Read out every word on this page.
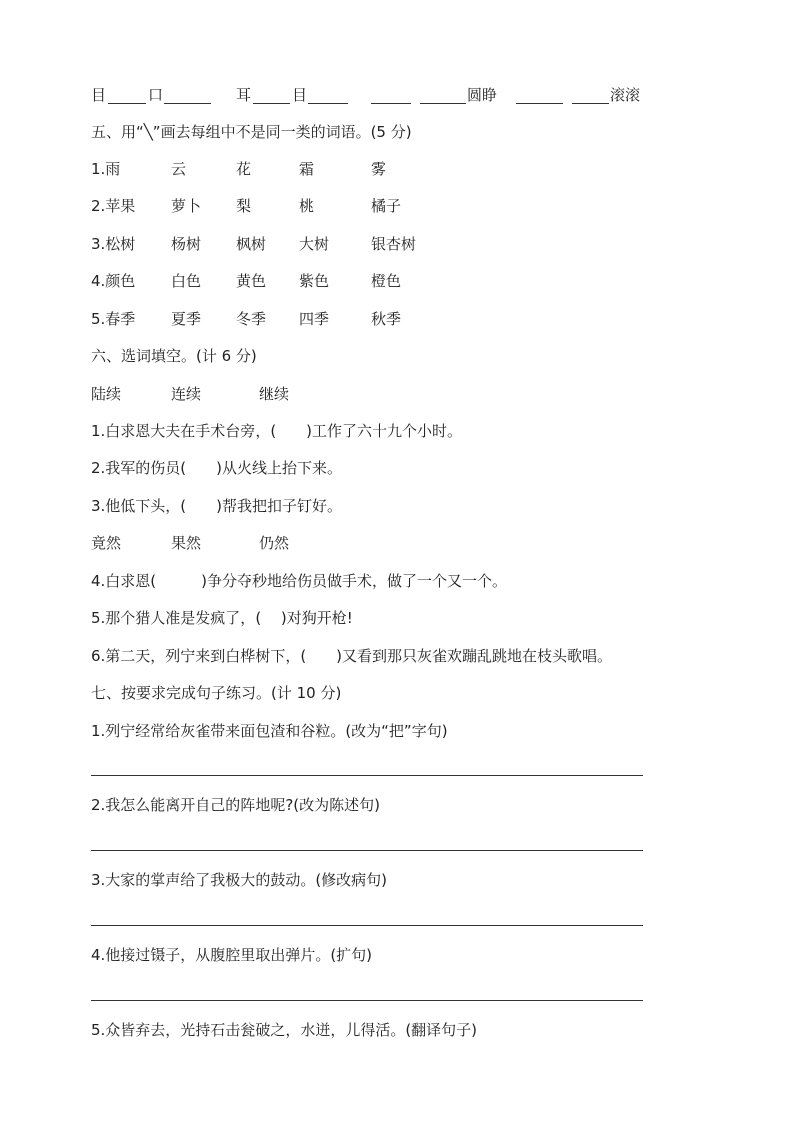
目	口	耳	目	圆睁	滚滚
五、用“╲”画去每组中不是同一类的词语。(5 分)
1.雨	云	花	霜	雾
2.苹果 萝卜 梨	桃	橘子
3.松树 杨树 枫树 大树	银杏树
4.颜色 白色 黄色 紫色	橙色
5.春季 夏季 冬季 四季	秋季
六、选词填空。(计 6 分)
陆续	连续	继续
1.白求恩大夫在手术台旁，(　　)工作了六十九个小时。
2.我军的伤员(　　)从火线上抬下来。
3.他低下头，(　　)帮我把扣子钉好。
竟然	果然	仍然
4.白求恩(　　　)争分夺秒地给伤员做手术，做了一个又一个。
5.那个猎人准是发疯了，(　 )对狗开枪!
6.第二天，列宁来到白桦树下，(　　)又看到那只灰雀欢蹦乱跳地在枝头歌唱。
七、按要求完成句子练习。(计 10 分)
1.列宁经常给灰雀带来面包渣和谷粒。(改为“把”字句)
2.我怎么能离开自己的阵地呢?(改为陈述句)
3.大家的掌声给了我极大的鼓动。(修改病句)
4.他接过镊子，从腹腔里取出弹片。(扩句)
5.众皆弃去，光持石击瓮破之，水迸，儿得活。(翻译句子)
